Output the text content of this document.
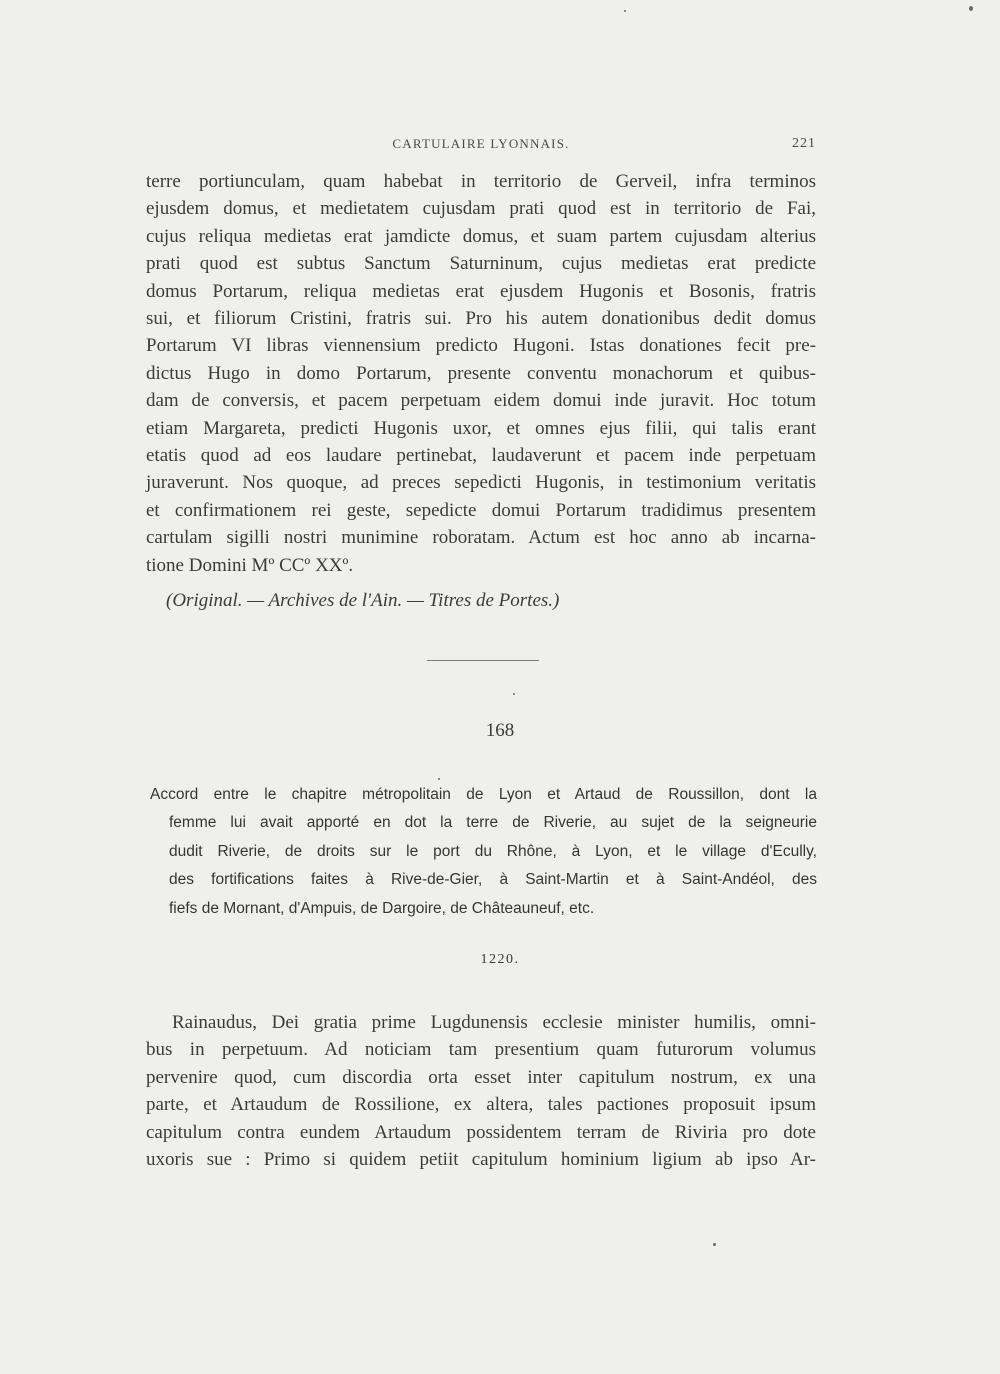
CARTULAIRE LYONNAIS.	221
terre portiunculam, quam habebat in territorio de Gerveil, infra terminos
ejusdem domus, et medietatem cujusdam prati quod est in territorio de Fai,
cujus reliqua medietas erat jamdicte domus, et suam partem cujusdam alterius
prati quod est subtus Sanctum Saturninum, cujus medietas erat predicte
domus Portarum, reliqua medietas erat ejusdem Hugonis et Bosonis, fratris
sui, et filiorum Cristini, fratris sui. Pro his autem donationibus dedit domus
Portarum VI libras viennensium predicto Hugoni. Istas donationes fecit pre-
dictus Hugo in domo Portarum, presente conventu monachorum et quibus-
dam de conversis, et pacem perpetuam eidem domui inde juravit. Hoc totum
etiam Margareta, predicti Hugonis uxor, et omnes ejus filii, qui talis erant
etatis quod ad eos laudare pertinebat, laudaverunt et pacem inde perpetuam
juraverunt. Nos quoque, ad preces sepedicti Hugonis, in testimonium veritatis
et confirmationem rei geste, sepedicte domui Portarum tradidimus presentem
cartulam sigilli nostri munimine roboratam. Actum est hoc anno ab incarna-
tione Domini Mº CCº XXº.
(Original. — Archives de l'Ain. — Titres de Portes.)
168
Accord entre le chapitre métropolitain de Lyon et Artaud de Roussillon, dont la
femme lui avait apporté en dot la terre de Riverie, au sujet de la seigneurie
dudit Riverie, de droits sur le port du Rhône, à Lyon, et le village d'Ecully,
des fortifications faites à Rive-de-Gier, à Saint-Martin et à Saint-Andéol, des
fiefs de Mornant, d'Ampuis, de Dargoire, de Châteauneuf, etc.
1220.
Rainaudus, Dei gratia prime Lugdunensis ecclesie minister humilis, omni-
bus in perpetuum. Ad noticiam tam presentium quam futurorum volumus
pervenire quod, cum discordia orta esset inter capitulum nostrum, ex una
parte, et Artaudum de Rossilione, ex altera, tales pactiones proposuit ipsum
capitulum contra eundem Artaudum possidentem terram de Riviria pro dote
uxoris sue : Primo si quidem petiit capitulum hominium ligium ab ipso Ar-
